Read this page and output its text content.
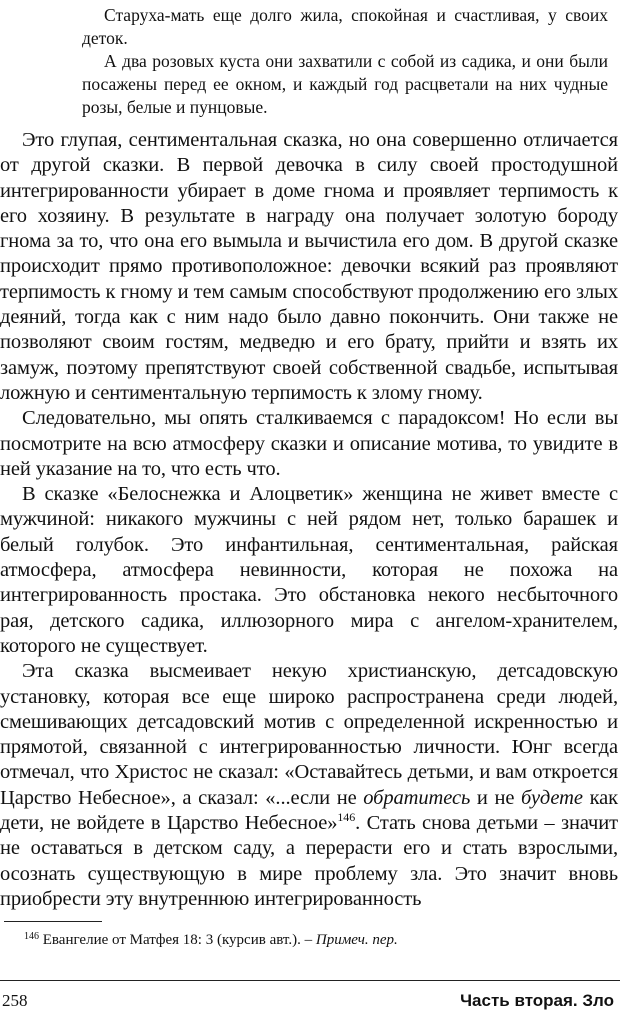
Старуха-мать еще долго жила, спокойная и счастливая, у своих деток.

А два розовых куста они захватили с собой из садика, и они были посажены перед ее окном, и каждый год расцветали на них чудные розы, белые и пунцовые.

Это глупая, сентиментальная сказка, но она совершенно отличается от другой сказки. В первой девочка в силу своей простодушной интегрированности убирает в доме гнома и проявляет терпимость к его хозяину. В результате в награду она получает золотую бороду гнома за то, что она его вымыла и вычистила его дом. В другой сказке происходит прямо противоположное: девочки всякий раз проявляют терпимость к гному и тем самым способствуют продолжению его злых деяний, тогда как с ним надо было давно покончить. Они также не позволяют своим гостям, медведю и его брату, прийти и взять их замуж, поэтому препятствуют своей собственной свадьбе, испытывая ложную и сентиментальную терпимость к злому гному.

Следовательно, мы опять сталкиваемся с парадоксом! Но если вы посмотрите на всю атмосферу сказки и описание мотива, то увидите в ней указание на то, что есть что.

В сказке «Белоснежка и Алоцветик» женщина не живет вместе с мужчиной: никакого мужчины с ней рядом нет, только барашек и белый голубок. Это инфантильная, сентиментальная, райская атмосфера, атмосфера невинности, которая не похожа на интегрированность простака. Это обстановка некого несбыточного рая, детского садика, иллюзорного мира с ангелом-хранителем, которого не существует.

Эта сказка высмеивает некую христианскую, детсадовскую установку, которая все еще широко распространена среди людей, смешивающих детсадовский мотив с определенной искренностью и прямотой, связанной с интегрированностью личности. Юнг всегда отмечал, что Христос не сказал: «Оставайтесь детьми, и вам откроется Царство Небесное», а сказал: «...если не обратитесь и не будете как дети, не войдете в Царство Небесное»$^{146}$. Стать снова детьми – значит не оставаться в детском саду, а перерасти его и стать взрослыми, осознать существующую в мире проблему зла. Это значит вновь приобрести эту внутреннюю интегрированность

$^{146}$ Евангелие от Матфея 18: 3 (курсив авт.). – Примеч. пер.
258	Часть вторая. Зло
